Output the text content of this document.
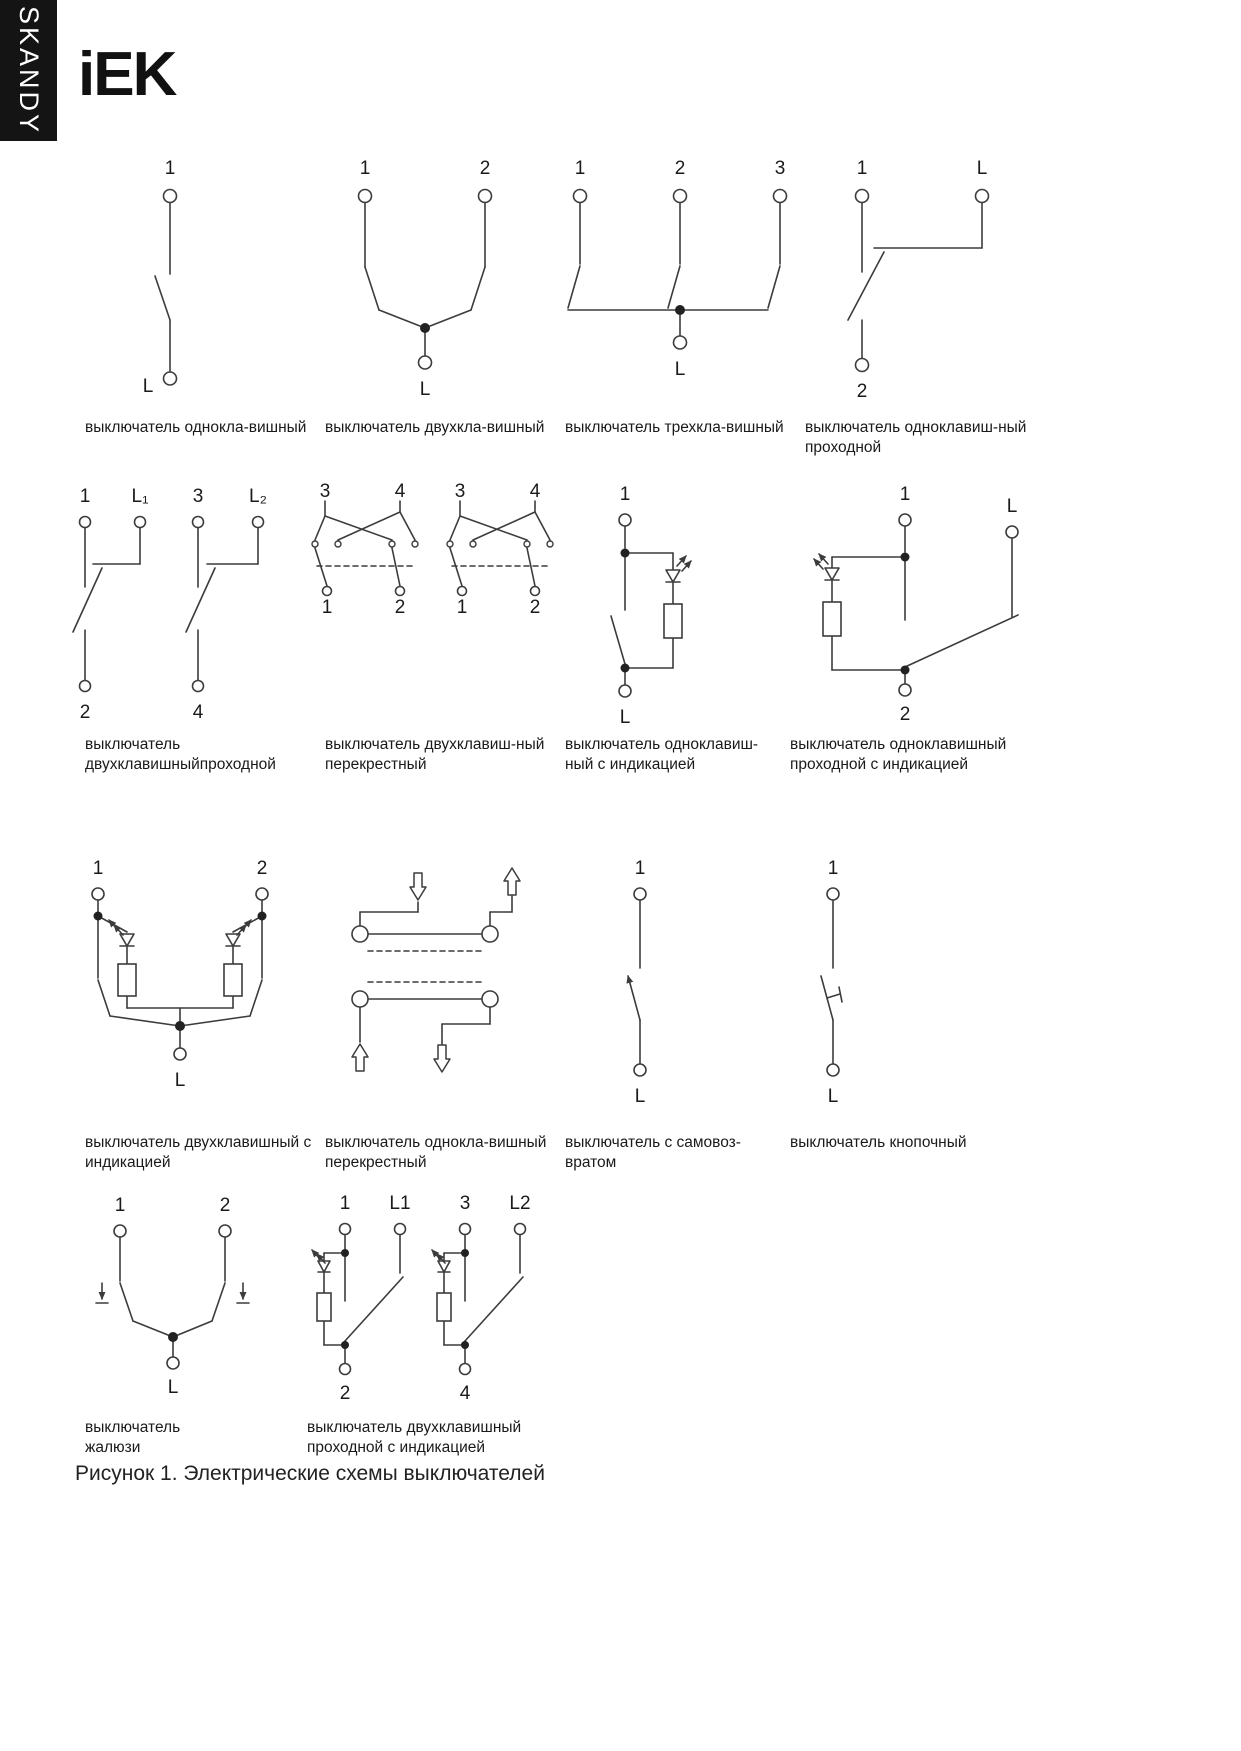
SKANDY iEK
1
L
1	2
L
1	2	3
L
1	L
2
1 L₁ 3 L₂
2	4
3	4
1	2
3	4
1	2
1
L
1
L
2
1	2
L
1
L
1
L
1	2
L
1 L1	3 L2
2	4
выключатель однокла-вишный	выключатель двухкла-вишный	выключатель трехкла-вишный	выключатель одноклавиш-ный
проходной
выключатель
двухклавишныйпроходной
выключатель двухклавиш-ный
перекрестный
выключатель одноклавиш-
ный с индикацией
выключатель одноклавишный
проходной с индикацией
выключатель двухклавишный с
индикацией
выключатель однокла-вишный
перекрестный
выключатель с самовоз-
вратом
выключатель кнопочный
выключатель
жалюзи
выключатель двухклавишный
проходной с индикацией
Рисунок 1. Электрические схемы выключателей
